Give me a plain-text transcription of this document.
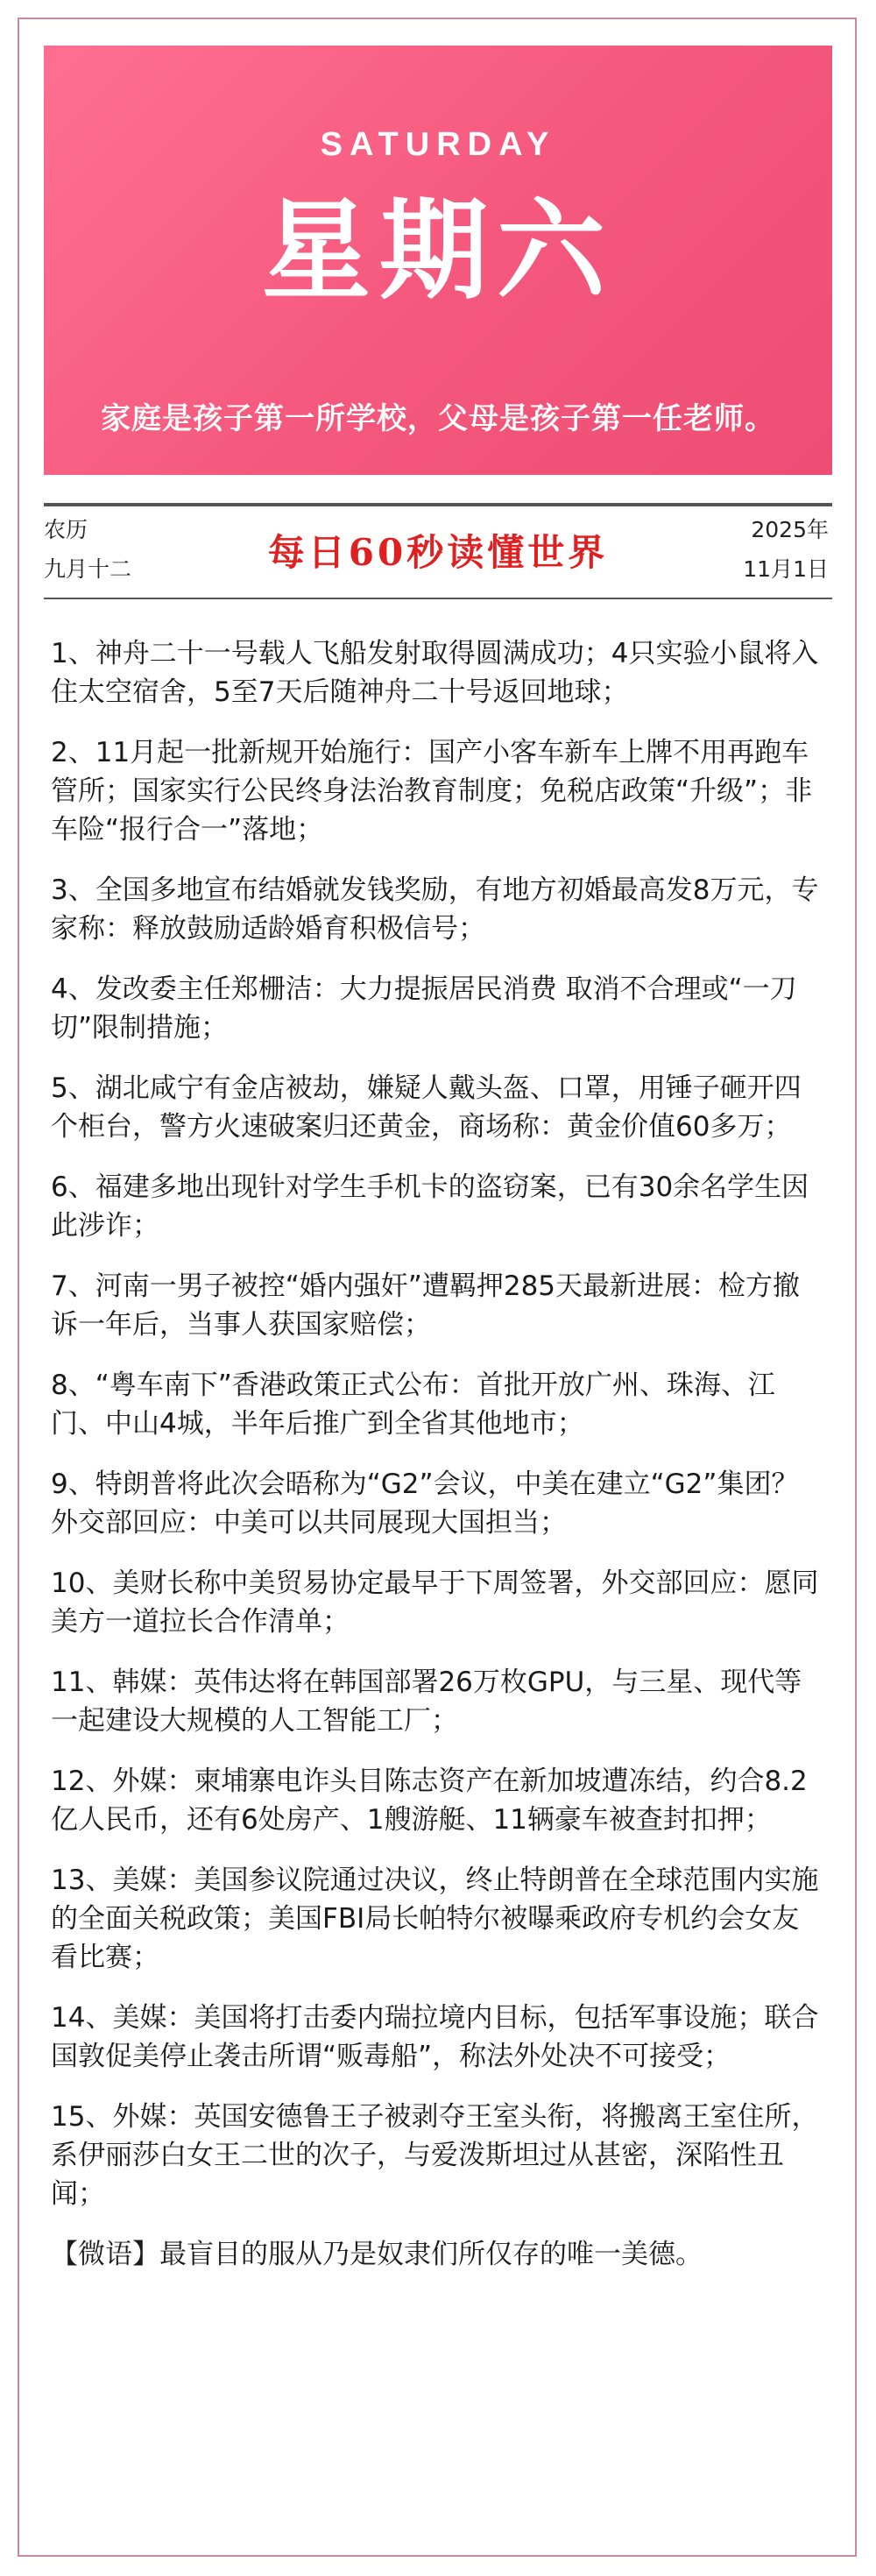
SATURDAY
星期六
家庭是孩子第一所学校，父母是孩子第一任老师。
农历
九月十二	每日60秒读懂世界
2025年
11月1日

1、神舟二十一号载人飞船发射取得圆满成功；4只实验小鼠将入住太空宿舍，5至7天后随神舟二十号返回地球；

2、11月起一批新规开始施行：国产小客车新车上牌不用再跑车管所；国家实行公民终身法治教育制度；免税店政策“升级”；非车险“报行合一”落地；

3、全国多地宣布结婚就发钱奖励，有地方初婚最高发8万元，专家称：释放鼓励适龄婚育积极信号；

4、发改委主任郑栅洁：大力提振居民消费 取消不合理或“一刀切”限制措施；

5、湖北咸宁有金店被劫，嫌疑人戴头盔、口罩，用锤子砸开四个柜台，警方火速破案归还黄金，商场称：黄金价值60多万；

6、福建多地出现针对学生手机卡的盗窃案，已有30余名学生因此涉诈；

7、河南一男子被控“婚内强奸”遭羁押285天最新进展：检方撤诉一年后，当事人获国家赔偿；

8、“粤车南下”香港政策正式公布：首批开放广州、珠海、江门、中山4城，半年后推广到全省其他地市；

9、特朗普将此次会晤称为“G2”会议，中美在建立“G2”集团？外交部回应：中美可以共同展现大国担当；

10、美财长称中美贸易协定最早于下周签署，外交部回应：愿同美方一道拉长合作清单；

11、韩媒：英伟达将在韩国部署26万枚GPU，与三星、现代等一起建设大规模的人工智能工厂；

12、外媒：柬埔寨电诈头目陈志资产在新加坡遭冻结，约合8.2亿人民币，还有6处房产、1艘游艇、11辆豪车被查封扣押；

13、美媒：美国参议院通过决议，终止特朗普在全球范围内实施的全面关税政策；美国FBI局长帕特尔被曝乘政府专机约会女友看比赛；

14、美媒：美国将打击委内瑞拉境内目标，包括军事设施；联合国敦促美停止袭击所谓“贩毒船”，称法外处决不可接受；

15、外媒：英国安德鲁王子被剥夺王室头衔，将搬离王室住所，系伊丽莎白女王二世的次子，与爱泼斯坦过从甚密，深陷性丑闻；

【微语】最盲目的服从乃是奴隶们所仅存的唯一美德。
